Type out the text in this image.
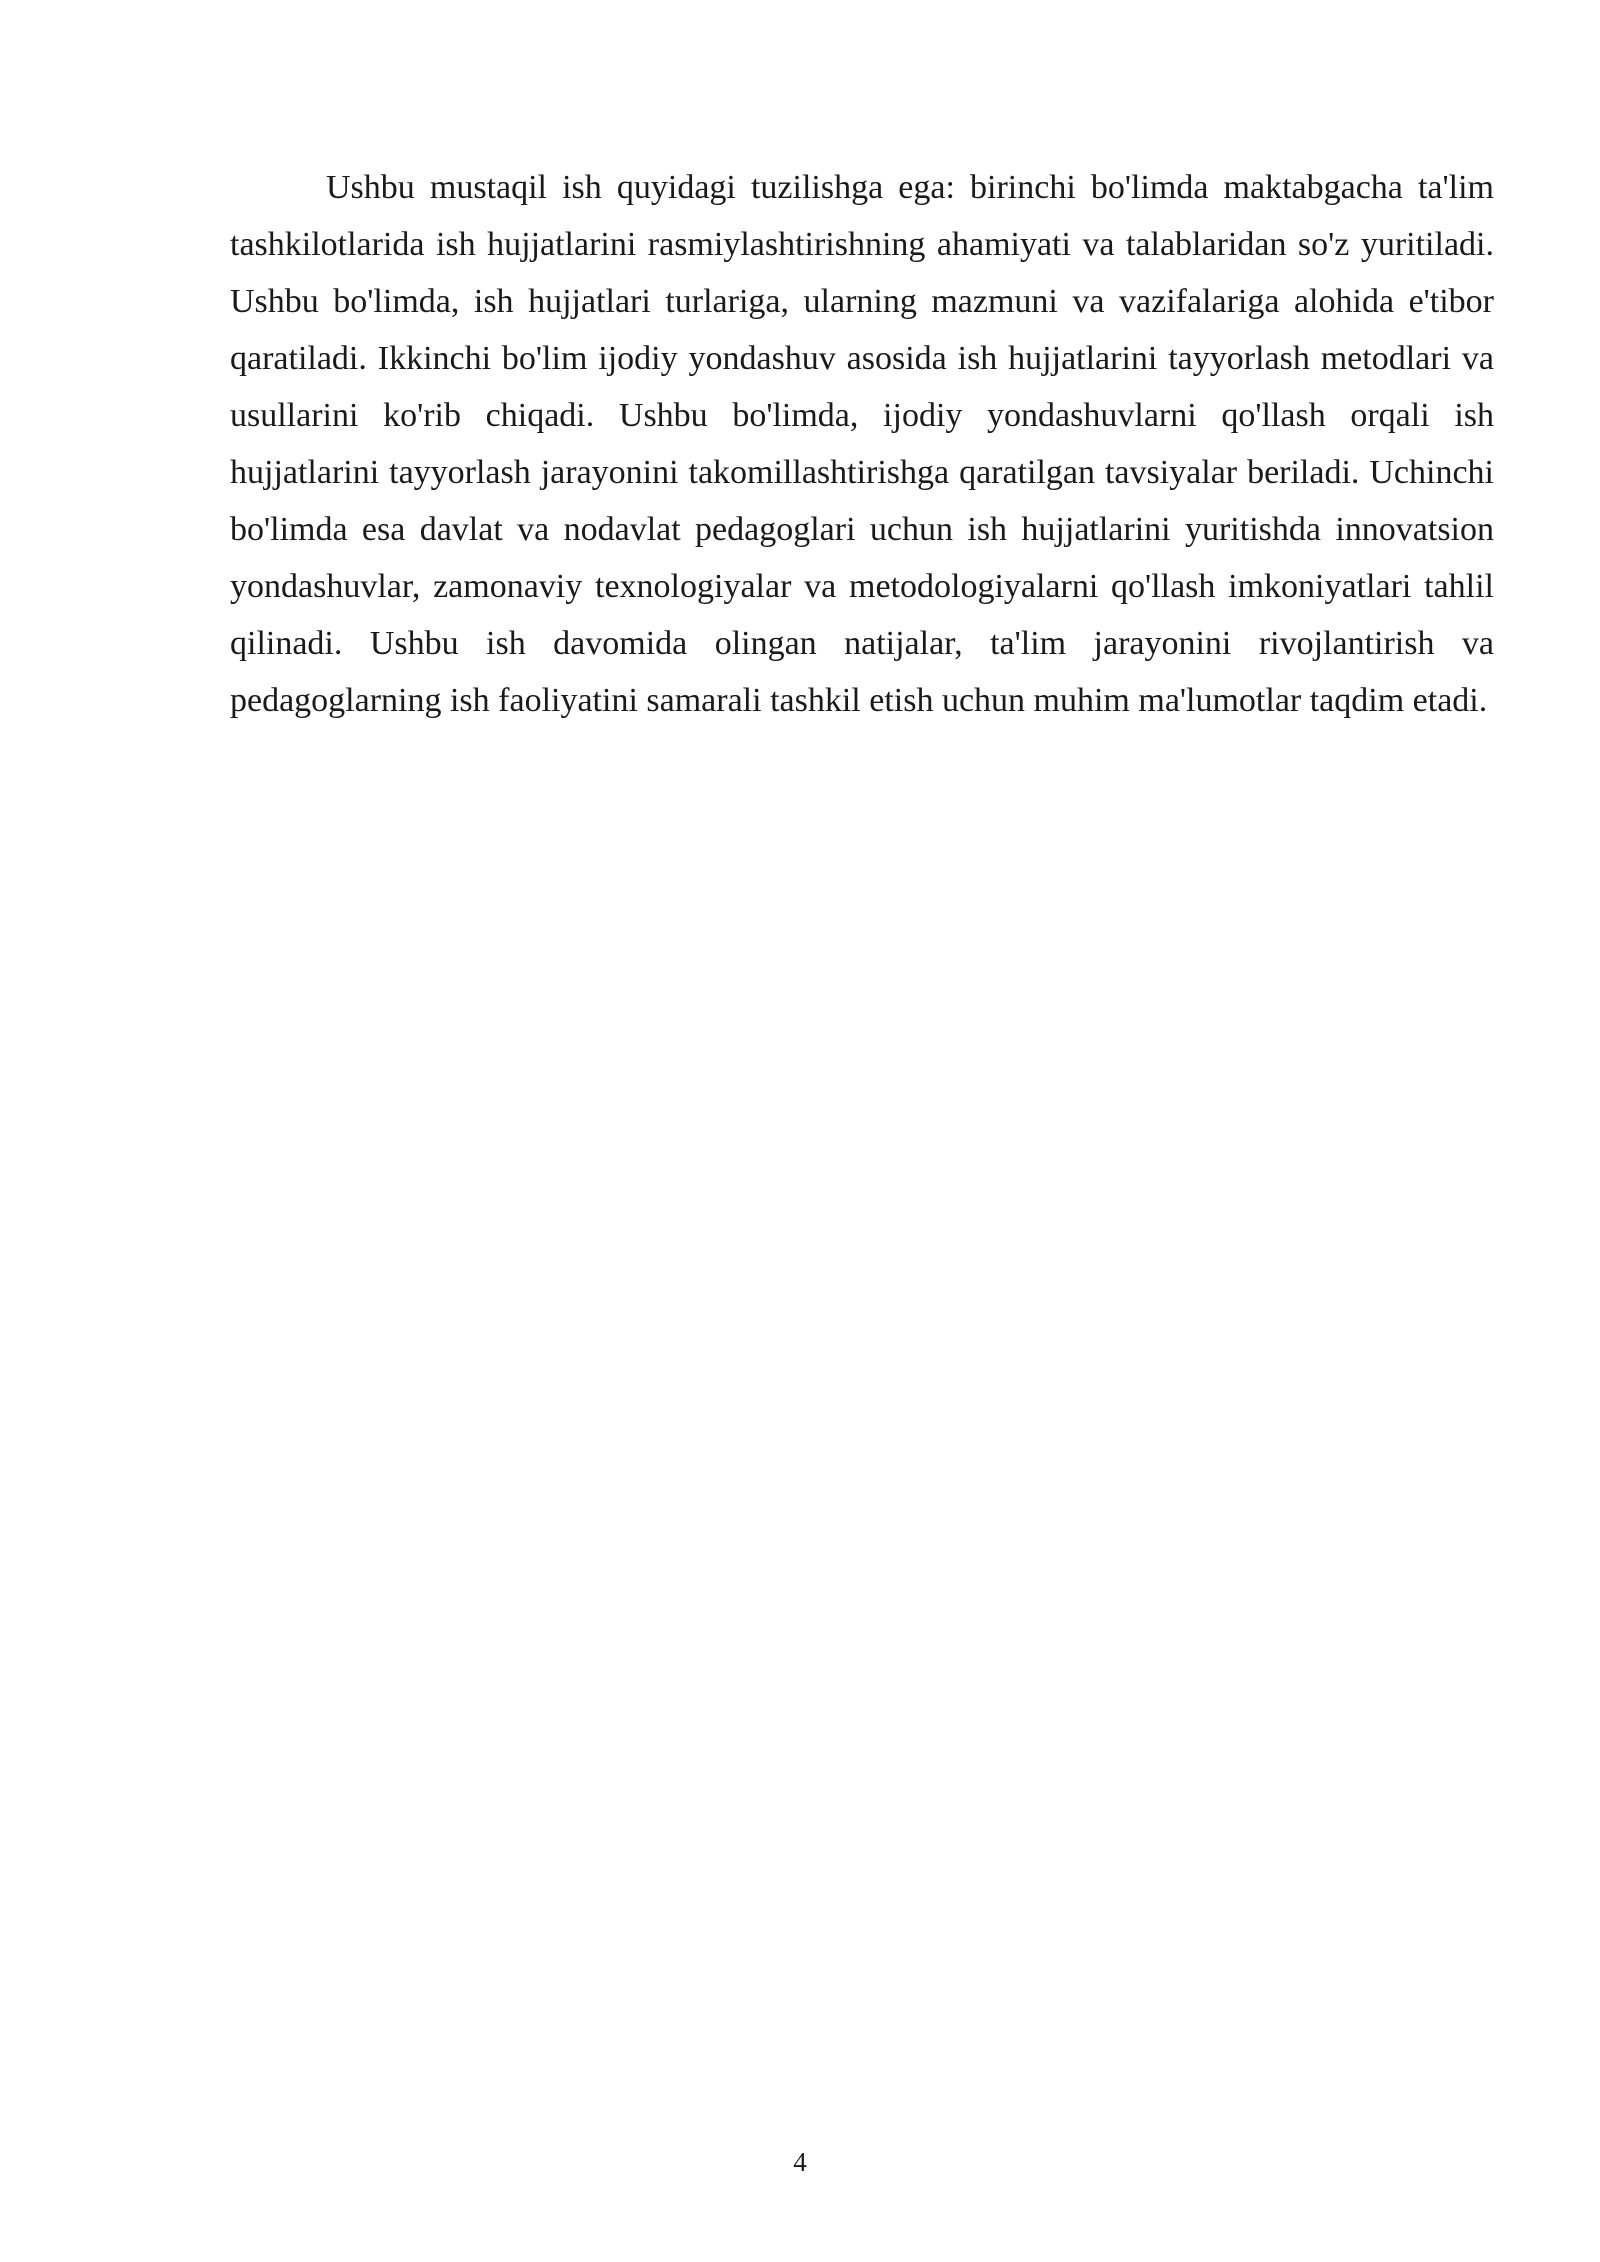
Ushbu mustaqil ish quyidagi tuzilishga ega: birinchi bo'limda maktabgacha ta'lim tashkilotlarida ish hujjatlarini rasmiylashtirishning ahamiyati va talablaridan so'z yuritiladi. Ushbu bo'limda, ish hujjatlari turlariga, ularning mazmuni va vazifalariga alohida e'tibor qaratiladi. Ikkinchi bo'lim ijodiy yondashuv asosida ish hujjatlarini tayyorlash metodlari va usullarini ko'rib chiqadi. Ushbu bo'limda, ijodiy yondashuvlarni qo'llash orqali ish hujjatlarini tayyorlash jarayonini takomillashtirishga qaratilgan tavsiyalar beriladi. Uchinchi bo'limda esa davlat va nodavlat pedagoglari uchun ish hujjatlarini yuritishda innovatsion yondashuvlar, zamonaviy texnologiyalar va metodologiyalarni qo'llash imkoniyatlari tahlil qilinadi. Ushbu ish davomida olingan natijalar, ta'lim jarayonini rivojlantirish va pedagoglarning ish faoliyatini samarali tashkil etish uchun muhim ma'lumotlar taqdim etadi.

4
